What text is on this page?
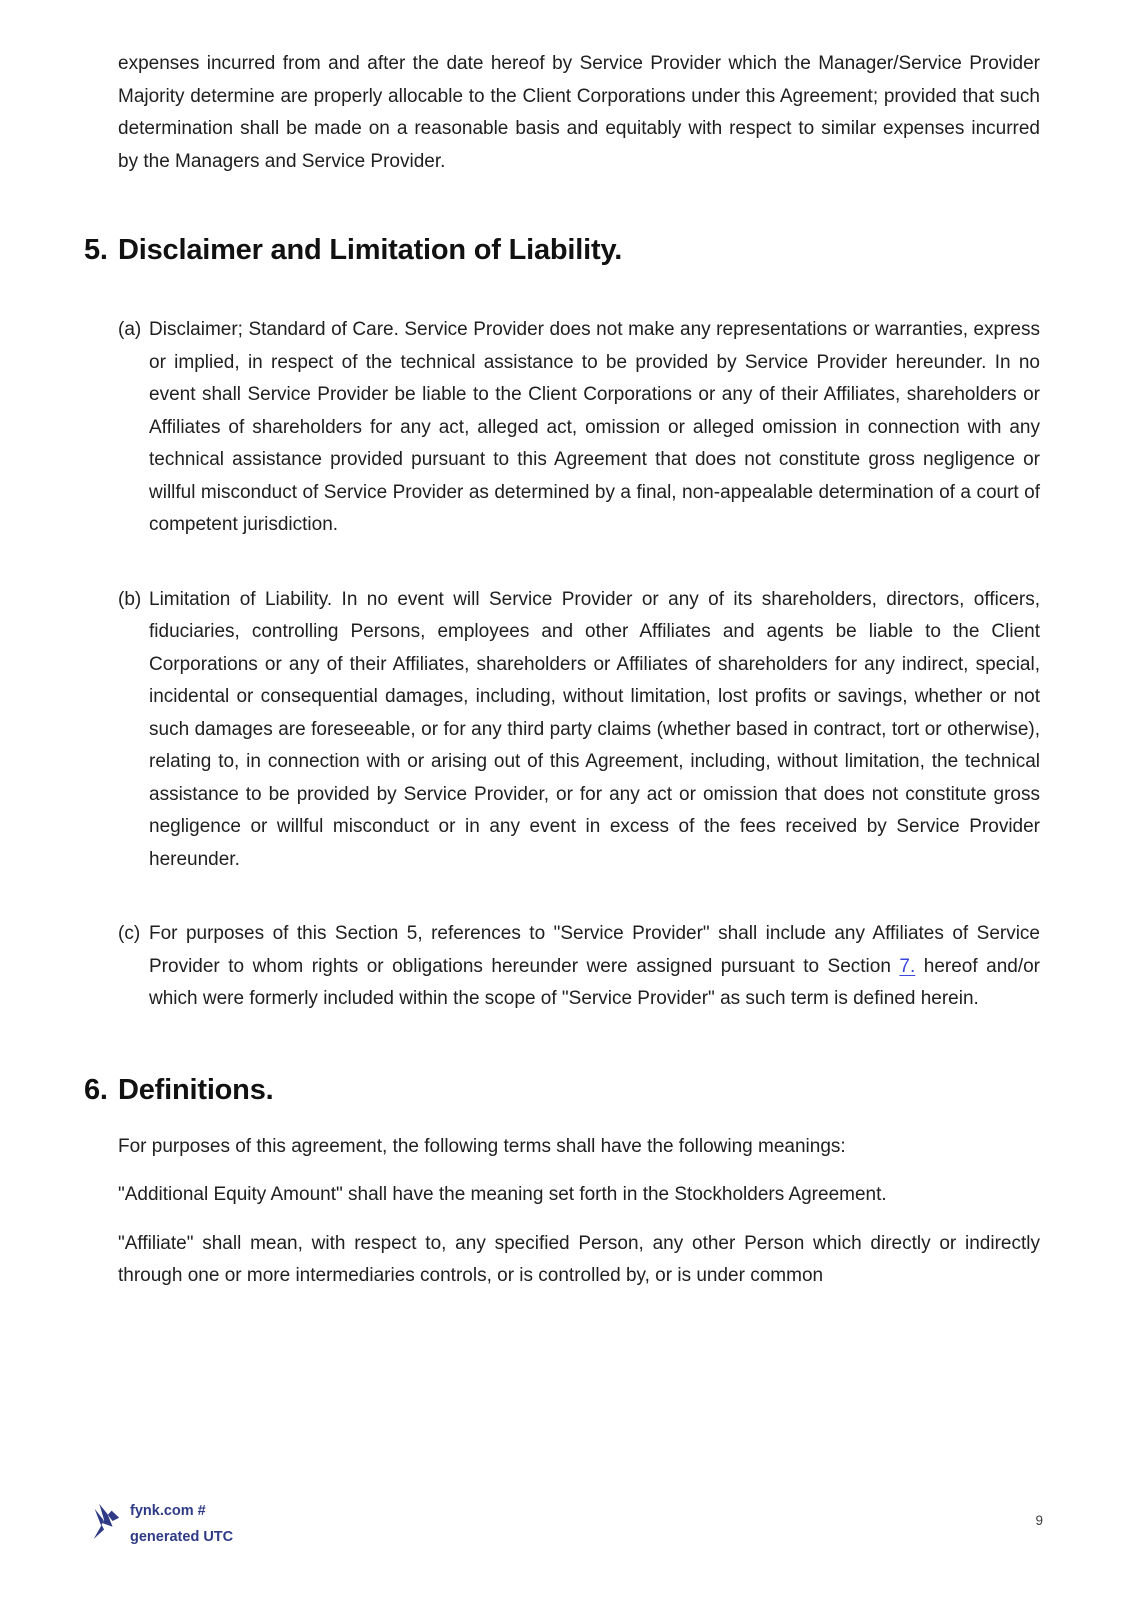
expenses incurred from and after the date hereof by Service Provider which the Manager/Service Provider Majority determine are properly allocable to the Client Corporations under this Agreement; provided that such determination shall be made on a reasonable basis and equitably with respect to similar expenses incurred by the Managers and Service Provider.

5. Disclaimer and Limitation of Liability.
(a) Disclaimer; Standard of Care. Service Provider does not make any representations or warranties, express or implied, in respect of the technical assistance to be provided by Service Provider hereunder. In no event shall Service Provider be liable to the Client Corporations or any of their Affiliates, shareholders or Affiliates of shareholders for any act, alleged act, omission or alleged omission in connection with any technical assistance provided pursuant to this Agreement that does not constitute gross negligence or willful misconduct of Service Provider as determined by a final, non-appealable determination of a court of competent jurisdiction.

(b) Limitation of Liability. In no event will Service Provider or any of its shareholders, directors, officers, fiduciaries, controlling Persons, employees and other Affiliates and agents be liable to the Client Corporations or any of their Affiliates, shareholders or Affiliates of shareholders for any indirect, special, incidental or consequential damages, including, without limitation, lost profits or savings, whether or not such damages are foreseeable, or for any third party claims (whether based in contract, tort or otherwise), relating to, in connection with or arising out of this Agreement, including, without limitation, the technical assistance to be provided by Service Provider, or for any act or omission that does not constitute gross negligence or willful misconduct or in any event in excess of the fees received by Service Provider hereunder.

(c) For purposes of this Section 5, references to "Service Provider" shall include any Affiliates of Service Provider to whom rights or obligations hereunder were assigned pursuant to Section 7. hereof and/or which were formerly included within the scope of "Service Provider" as such term is defined herein.

6. Definitions.

For purposes of this agreement, the following terms shall have the following meanings:

"Additional Equity Amount" shall have the meaning set forth in the Stockholders Agreement.

"Affiliate" shall mean, with respect to, any specified Person, any other Person which directly or indirectly through one or more intermediaries controls, or is controlled by, or is under common

fynk.com #
generated UTC
9
